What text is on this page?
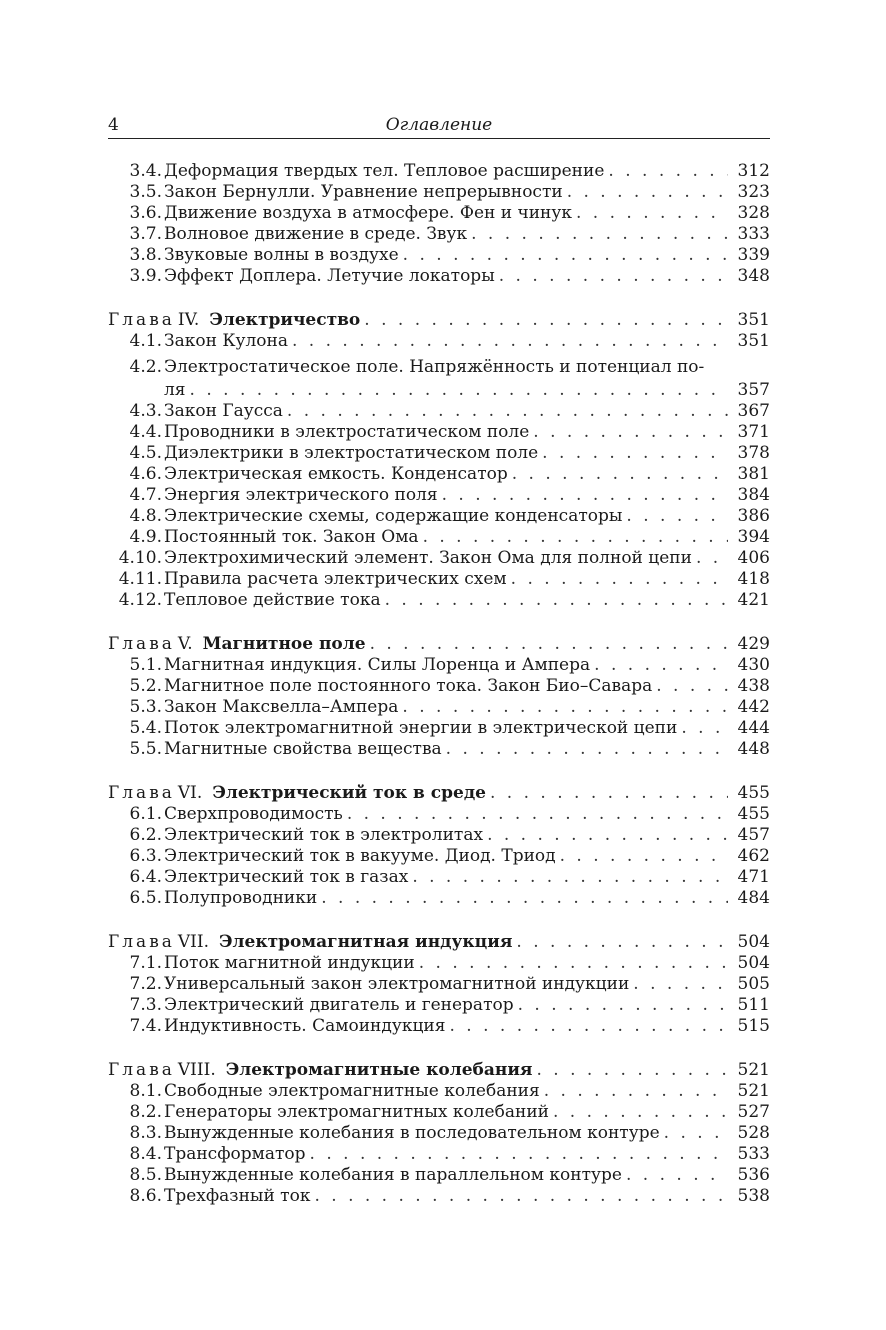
4	Оглавление
3.4. Деформация твердых тел. Тепловое расширение . . .	312
3.5. Закон Бернулли. Уравнение непрерывности . . .	323
3.6. Движение воздуха в атмосфере. Фен и чинук . . .	328
3.7. Волновое движение в среде. Звук . . .	333
3.8. Звуковые волны в воздухе . . .	339
3.9. Эффект Доплера. Летучие локаторы . . .	348
Глава IV. Электричество . . .	351
4.1. Закон Кулона . . .	351
4.2. Электростатическое поле. Напряжённость и потенциал по-
ля . . .	357
4.3. Закон Гаусса . . .	367
4.4. Проводники в электростатическом поле . . .	371
4.5. Диэлектрики в электростатическом поле . . .	378
4.6. Электрическая емкость. Конденсатор . . .	381
4.7. Энергия электрического поля . . .	384
4.8. Электрические схемы, содержащие конденсаторы . . .	386
4.9. Постоянный ток. Закон Ома . . .	394
4.10. Электрохимический элемент. Закон Ома для полной цепи . . .	406
4.11. Правила расчета электрических схем . . .	418
4.12. Тепловое действие тока . . .	421
Глава V. Магнитное поле . . .	429
5.1. Магнитная индукция. Силы Лоренца и Ампера . . .	430
5.2. Магнитное поле постоянного тока. Закон Био–Савара . . .	438
5.3. Закон Максвелла–Ампера . . .	442
5.4. Поток электромагнитной энергии в электрической цепи . . .	444
5.5. Магнитные свойства вещества . . .	448
Глава VI. Электрический ток в среде . . .	455
6.1. Сверхпроводимость . . .	455
6.2. Электрический ток в электролитах . . .	457
6.3. Электрический ток в вакууме. Диод. Триод . . .	462
6.4. Электрический ток в газах . . .	471
6.5. Полупроводники . . .	484
Глава VII. Электромагнитная индукция . . .	504
7.1. Поток магнитной индукции . . .	504
7.2. Универсальный закон электромагнитной индукции . . .	505
7.3. Электрический двигатель и генератор . . .	511
7.4. Индуктивность. Самоиндукция . . .	515
Глава VIII. Электромагнитные колебания . . .	521
8.1. Свободные электромагнитные колебания . . .	521
8.2. Генераторы электромагнитных колебаний . . .	527
8.3. Вынужденные колебания в последовательном контуре . . .	528
8.4. Трансформатор . . .	533
8.5. Вынужденные колебания в параллельном контуре . . .	536
8.6. Трехфазный ток . . .	538
